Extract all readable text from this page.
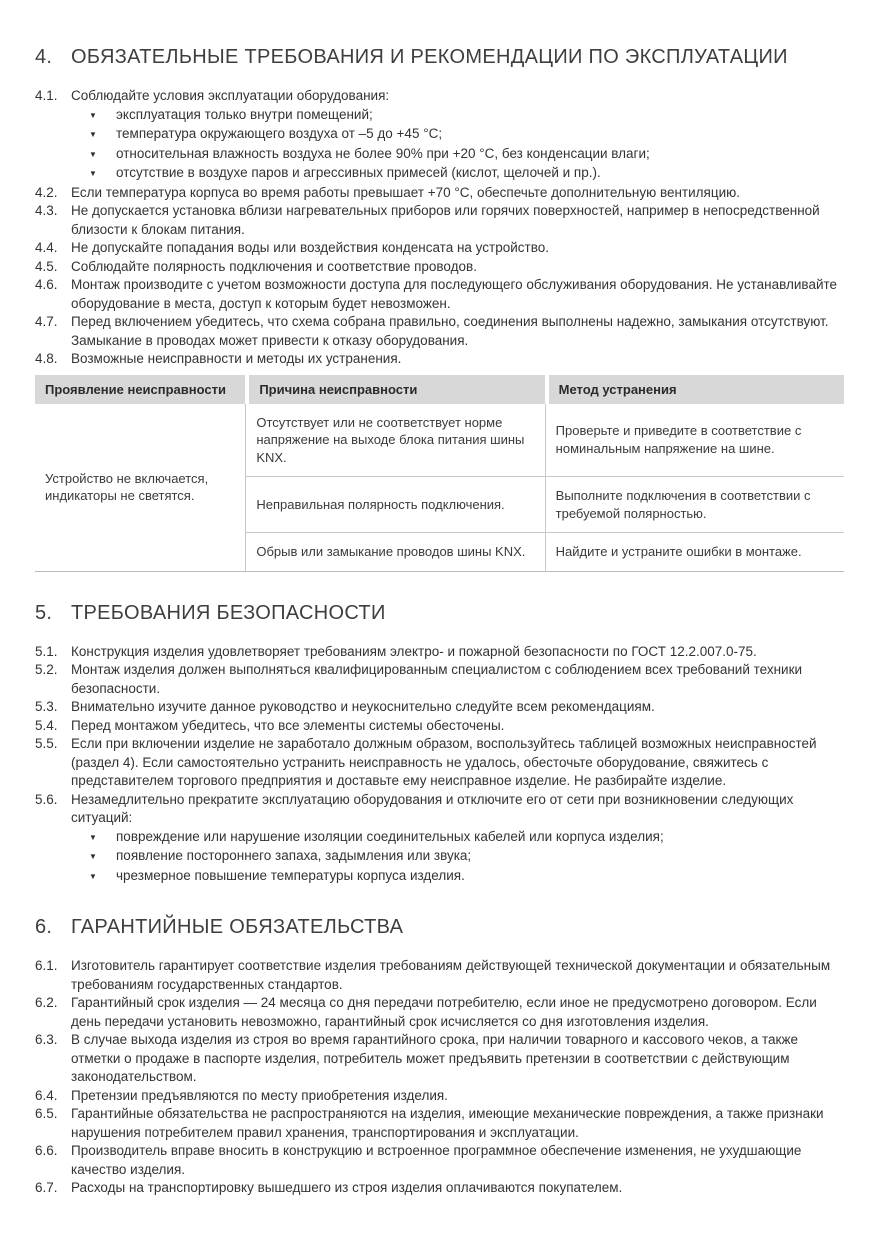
4. ОБЯЗАТЕЛЬНЫЕ ТРЕБОВАНИЯ И РЕКОМЕНДАЦИИ ПО ЭКСПЛУАТАЦИИ
4.1. Соблюдайте условия эксплуатации оборудования:
▼	эксплуатация только внутри помещений;
▼	температура окружающего воздуха от –5 до +45 °C;
▼	относительная влажность воздуха не более 90% при +20 °C, без конденсации влаги;
▼	отсутствие в воздухе паров и агрессивных примесей (кислот, щелочей и пр.).
4.2. Если температура корпуса во время работы превышает +70 °C, обеспечьте дополнительную вентиляцию.
4.3. Не допускается установка вблизи нагревательных приборов или горячих поверхностей, например в непосредственной близости к блокам питания.
4.4. Не допускайте попадания воды или воздействия конденсата на устройство.
4.5. Соблюдайте полярность подключения и соответствие проводов.
4.6. Монтаж производите с учетом возможности доступа для последующего обслуживания оборудования. Не устанавливайте оборудование в места, доступ к которым будет невозможен.
4.7. Перед включением убедитесь, что схема собрана правильно, соединения выполнены надежно, замыкания отсутствуют. Замыкание в проводах может привести к отказу оборудования.
4.8. Возможные неисправности и методы их устранения.
Проявление неисправности	Причина неисправности	Метод устранения
Устройство не включается, индикаторы не светятся.	Отсутствует или не соответствует норме напряжение на выходе блока питания шины KNX.	Проверьте и приведите в соответствие с номинальным напряжение на шине.
	Неправильная полярность подключения.	Выполните подключения в соответствии с требуемой полярностью.
	Обрыв или замыкание проводов шины KNX.	Найдите и устраните ошибки в монтаже.
5. ТРЕБОВАНИЯ БЕЗОПАСНОСТИ
5.1. Конструкция изделия удовлетворяет требованиям электро- и пожарной безопасности по ГОСТ 12.2.007.0-75.
5.2. Монтаж изделия должен выполняться квалифицированным специалистом с соблюдением всех требований техники безопасности.
5.3. Внимательно изучите данное руководство и неукоснительно следуйте всем рекомендациям.
5.4. Перед монтажом убедитесь, что все элементы системы обесточены.
5.5. Если при включении изделие не заработало должным образом, воспользуйтесь таблицей возможных неисправностей (раздел 4). Если самостоятельно устранить неисправность не удалось, обесточьте оборудование, свяжитесь с представителем торгового предприятия и доставьте ему неисправное изделие. Не разбирайте изделие.
5.6. Незамедлительно прекратите эксплуатацию оборудования и отключите его от сети при возникновении следующих ситуаций:
▼	повреждение или нарушение изоляции соединительных кабелей или корпуса изделия;
▼	появление постороннего запаха, задымления или звука;
▼	чрезмерное повышение температуры корпуса изделия.
6. ГАРАНТИЙНЫЕ ОБЯЗАТЕЛЬСТВА
6.1. Изготовитель гарантирует соответствие изделия требованиям действующей технической документации и обязательным требованиям государственных стандартов.
6.2. Гарантийный срок изделия — 24 месяца со дня передачи потребителю, если иное не предусмотрено договором. Если день передачи установить невозможно, гарантийный срок исчисляется со дня изготовления изделия.
6.3. В случае выхода изделия из строя во время гарантийного срока, при наличии товарного и кассового чеков, а также отметки о продаже в паспорте изделия, потребитель может предъявить претензии в соответствии с действующим законодательством.
6.4. Претензии предъявляются по месту приобретения изделия.
6.5. Гарантийные обязательства не распространяются на изделия, имеющие механические повреждения, а также признаки нарушения потребителем правил хранения, транспортирования и эксплуатации.
6.6. Производитель вправе вносить в конструкцию и встроенное программное обеспечение изменения, не ухудшающие качество изделия.
6.7. Расходы на транспортировку вышедшего из строя изделия оплачиваются покупателем.
